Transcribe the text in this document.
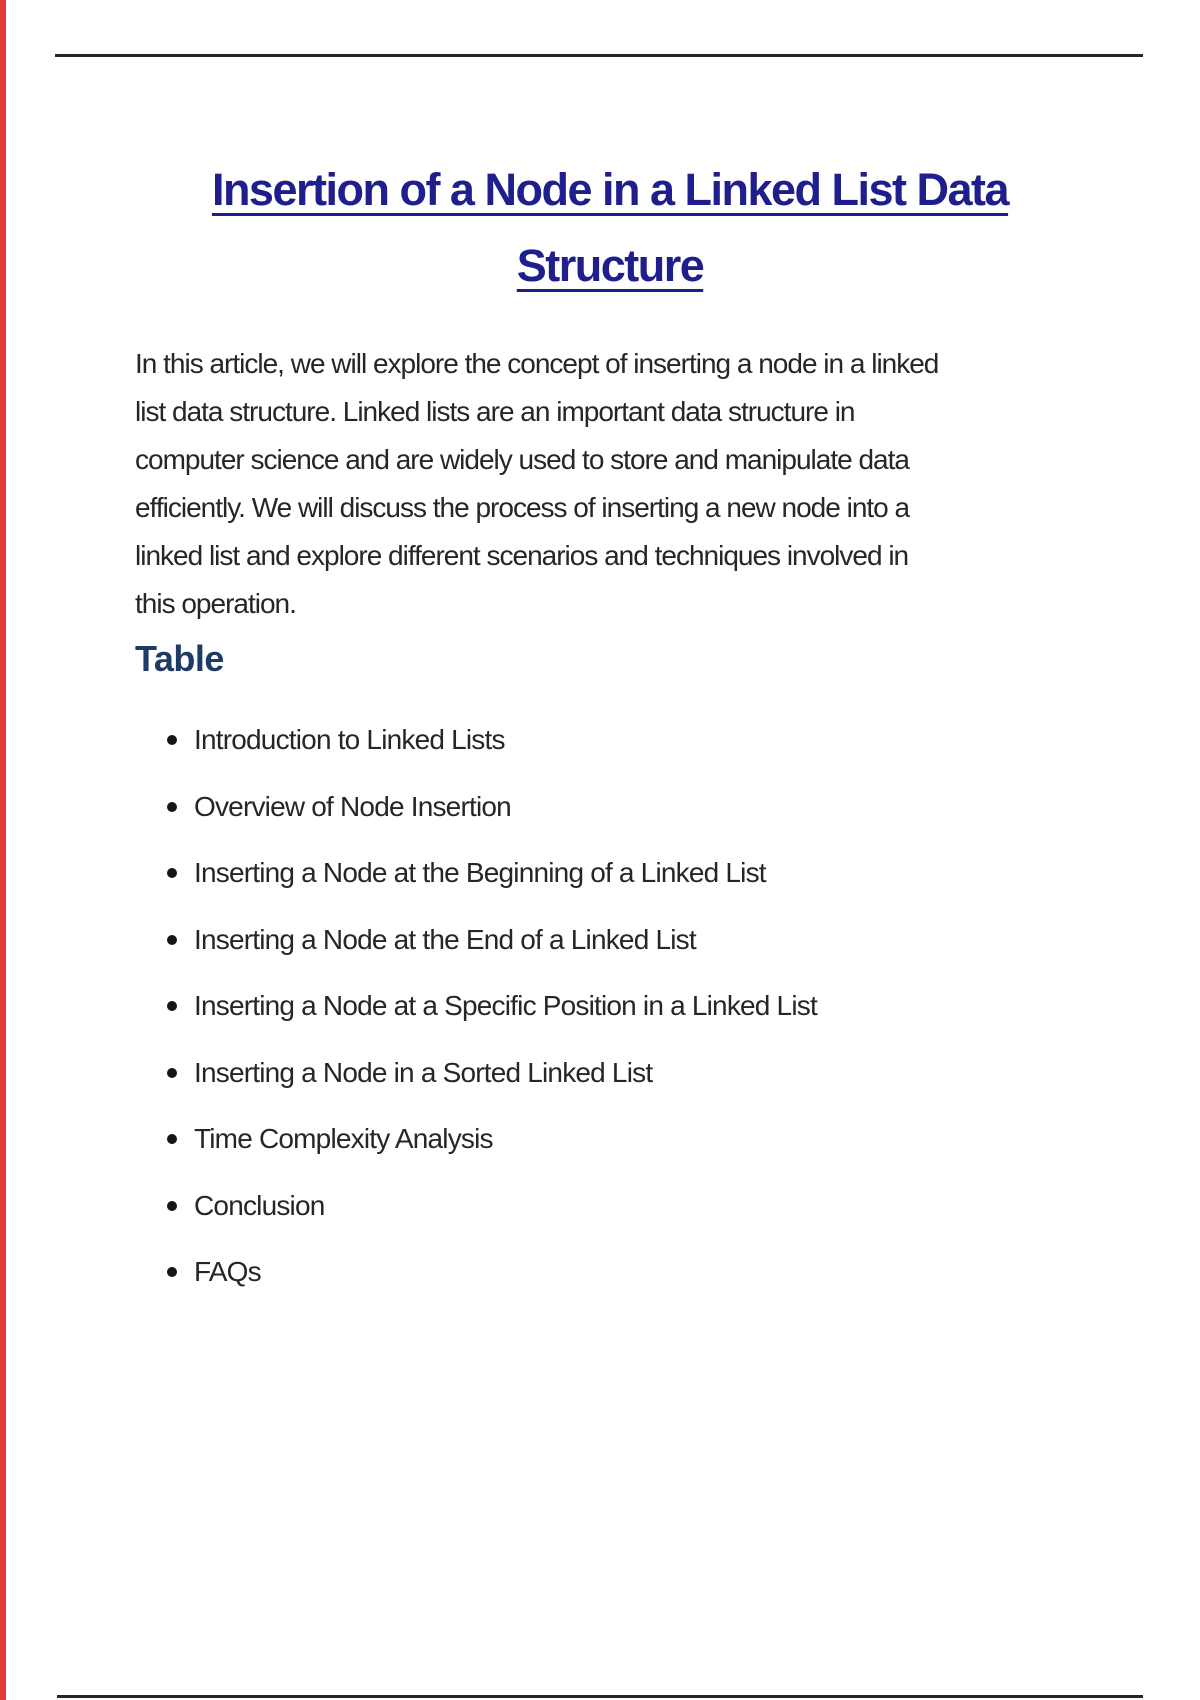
Insertion of a Node in a Linked List Data
Structure

In this article, we will explore the concept of inserting a node in a linked
list data structure. Linked lists are an important data structure in
computer science and are widely used to store and manipulate data
efficiently. We will discuss the process of inserting a new node into a
linked list and explore different scenarios and techniques involved in
this operation.

Table
Introduction to Linked Lists
Overview of Node Insertion
Inserting a Node at the Beginning of a Linked List
Inserting a Node at the End of a Linked List
Inserting a Node at a Specific Position in a Linked List
Inserting a Node in a Sorted Linked List
Time Complexity Analysis
Conclusion
FAQs
